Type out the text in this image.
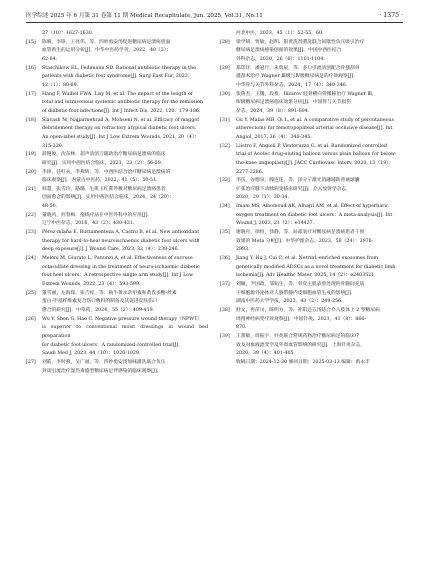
医学综述 2025 年 6 月第 31 卷第 11 期 Medical Recapitulate, Jun. 2025, Vol.31, No.11	· 1375 ·
27（10）：1627-1630.
[15]	陈晴，李铮，王亮伟，等．四妙勇安汤促进糖尿病足溃疡创面
血管新生的运用分析[J]．中华中医药学刊，2022，40（3）：
62-64.
[16]	Staschikow EL, Fedimann SD. Rational antibiotic therapy in the
patients with diabetic foot syndrome[J]. Surg East Eur, 2023,
12（1）：80-89.
[17]	Hang F, Waibel FWA, Lisy M, et al. The impact of the length of
total and intravenous systemic antibiotic therapy for the remission
of diabetic foot infections[J]. Int J Infect Dis, 2022, 120：179-186.
[18]	Siavash M, Najjarmehrad A, Mohseni N, et al. Efficacy of maggot
debridement therapy on refractory atypical diabetic foot ulcers：
An open-label study[J]. Int J Low Extrem Wounds, 2021, 20（4）：
315-320.
[19]	薛艳俊，沈东林．超声清创刀辅助治疗糖尿病足溃疡的临床
研究[J]．实用中西医结合临床，2023，23（2）：56-59.
[20]	李铮，任红兵，李燕辉，等．中西医结合治疗糖尿病足溃疡的
临床观察[J]．内蒙古中医药，2022，41（5）：50-51.
[21]	韩慧，张雪玲，路璐．生肌玉红膏外敷对糖尿病足溃疡患者
创面愈合的影响[J]．实用中西医结合临床，2024，24（20）：
48-50.
[22]	董晓风，何春梅．拖线疗法在中医外科中的应用[J]．
辽宁中医杂志，2016，43（2）：430-431.
[23]	Pérez-mlaña E, Bustamenteza A, Castro B, et al. New antioxidant
therapy for hard-to-heal neuroischaemic diabetic foot ulcers with
deep exposure[J]. J Wound Care, 2023, 32（4）：238-246.
[24]	Meloni M, Giurato L, Panunzi A, et al. Effectiveness of sucrose
octasulfate dressing in the treatment of neuro-ischaemic diabetic
foot heel ulcers：A retrospective single arm study[J]. Int J Low
Extrem Wounds, 2022, 23（4）：593-599.
[25]	董雪丽，左海琛，张吉梓，等．载牛黄水杂甲素和黄氏多糖-丝素
蛋白-甲基纤维素复合伤口敷料的制备及其促进皮肤伤口
愈合的研究[J]．中草药，2024，55（2）：409-419.
[26]	Wu Y, Shen G, Hao C. Negative pressure wound therapy（NPWT）
is superior to conventional moist dressings in wound bed preparation
for diabetic foot ulcers：A randomized controlled trial[J].
Saudi Med J, 2023, 44（10）：1020-1029.
[27]	刘皓，李时燕，吴广福，等．四妙勇安汤加味灌洗联合负压
封闭引流治疗湿热毒盛型糖尿病足伴感染的临床观察[J]．
河北中医，2023，45（1）：52-55，60.
[28]	梁学斌，贾敏，赵明．银黄洗剂熏洗联合间歇性负压吸引治疗
糖尿病足溃疡感染创面的效果[J]．中国中西医结合
外科杂志，2020，26（6）：1101-1104.
[29]	郑印详，潘冠月，朱瑞辰，等．多口引流清创配合骨搔刮骨
搔刮术治疗 Wagner Ⅲ级与Ⅳ级糖尿病足的疗效观察[J]．
中华骨与关节外科杂志，2024，17（4）：340-346.
[30]	张鲁杰，王魏，段祖．Ilizarov 胫骨横向骨搬移治疗 Wagner Ⅲ，
Ⅳ级糖尿病足溃疡临床效果分析[J]．中国骨与关节损伤
杂志，2024，39（8）：891-894.
[31]	Gu Y, Malas MB, Qi L, et al. A comparative study of percutaneous
atherectomy for femoropopliteal arterial occlusive disease[J]. Int
Angiol, 2017, 36（4）：340-345.
[32]	Liistro F, Angioli P, Ventoruzzo G, et al. Randomized controlled
trial of Acotec drug-eluting balloon versus plain balloon for below-
the-knee angioplasty[J]. JACC Cardiovasc Interv, 2020, 13（19）：
2277-2286.
[33]	李伍，谷德泉，滕连连，等．泽分子激光消融辅助普通球囊
扩张治疗膝下动脉病变临床研究[J]．介入放射学杂志，
2020，29（1）：30-34.
[34]	Imam MS, Alhomoud AK, Alhajri AM, et al. Effect of hyperbaric
oxygen treatment on diabetic foot ulcers：A meta-analysis[J]. Int
Wound J, 2023, 21（2）：e14427.
[35]	谢晓舟，徐恒，徐静，等．局部氧疗对糖尿病足溃疡患者干预
效果的 Meta 分析[J]．中华护理杂志，2023，58（24）：2976-
2983.
[36]	Jiang Y, Hu J, Cui C, et al. Netrin1-enriched exosomes from
genetically modified ADSCs as a novel treatment for diabetic limb
ischemia[J]. Adv Healthc Mater, 2025, 14（2）：e2403521.
[37]	刘颖，尹国政，邹韬生，等．骨皮主肌表预处理的骨髓间充质
干细胞源外泌体对人脐带静内皮细胞血管生成的影响[J]．
湖南中医药大学学报，2023，43（2）：249-256.
[38]	舒文，冉萍川，陈明力，等．补阳还五汤结合介入肢体上 2 型糖尿病
周围神经病变疗效观察[J]．中国针灸，2021，41（8）：866-
870.
[39]	王蕾敏，周振宇．针灸联合常规药物治疗糖尿病足的临床疗
效及对血液流变学及外周血管影响的研究[J]．上海针灸杂志，
2020，39（4）：401-405.
收稿日期：2024-12-30 修回日期：2025-03-13 编辑：禹永丰
